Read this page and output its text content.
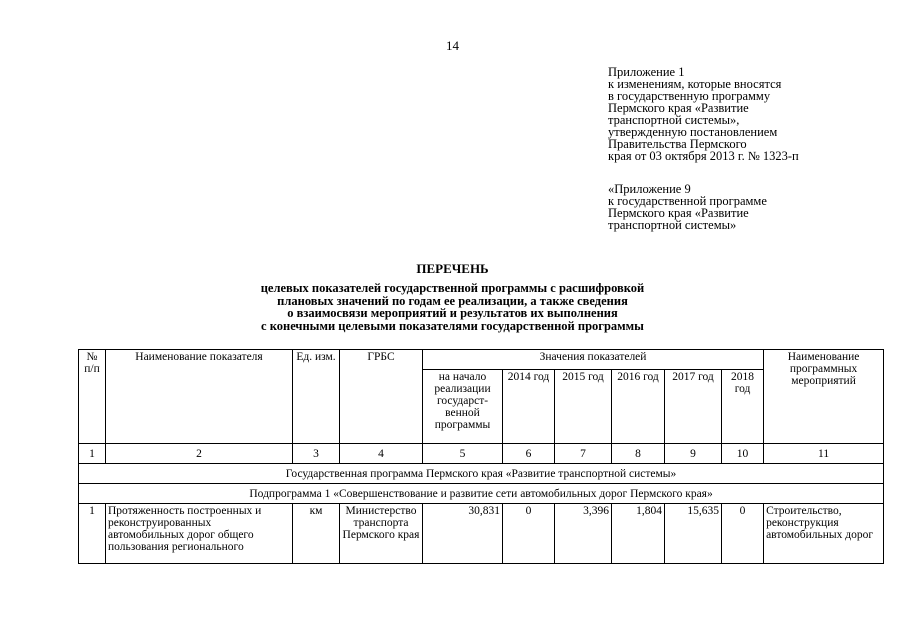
14
Приложение 1
к изменениям, которые вносятся
в государственную программу
Пермского края «Развитие
транспортной системы»,
утвержденную постановлением
Правительства Пермского
края от 03 октября 2013 г. № 1323-п
«Приложение 9
к государственной программе
Пермского края «Развитие
транспортной системы»
ПЕРЕЧЕНЬ
целевых показателей государственной программы с расшифровкой
плановых значений по годам ее реализации, а также сведения
о взаимосвязи мероприятий и результатов их выполнения
с конечными целевыми показателями государственной программы
№ п/п	Наименование показателя	Ед. изм.	ГРБС	Значения показателей						Наименование программных мероприятий
				на начало реализации государст-венной программы	2014 год	2015 год	2016 год	2017 год	2018 год	
1	2	3	4	5	6	7	8	9	10	11
Государственная программа Пермского края «Развитие транспортной системы»										
Подпрограмма 1 «Совершенствование и развитие сети автомобильных дорог Пермского края»										
1	Протяженность построенных и реконструированных автомобильных дорог общего пользования регионального	км	Министерство транспорта Пермского края	30,831	0	3,396	1,804	15,635	0	Строительство, реконструкция автомобильных дорог
